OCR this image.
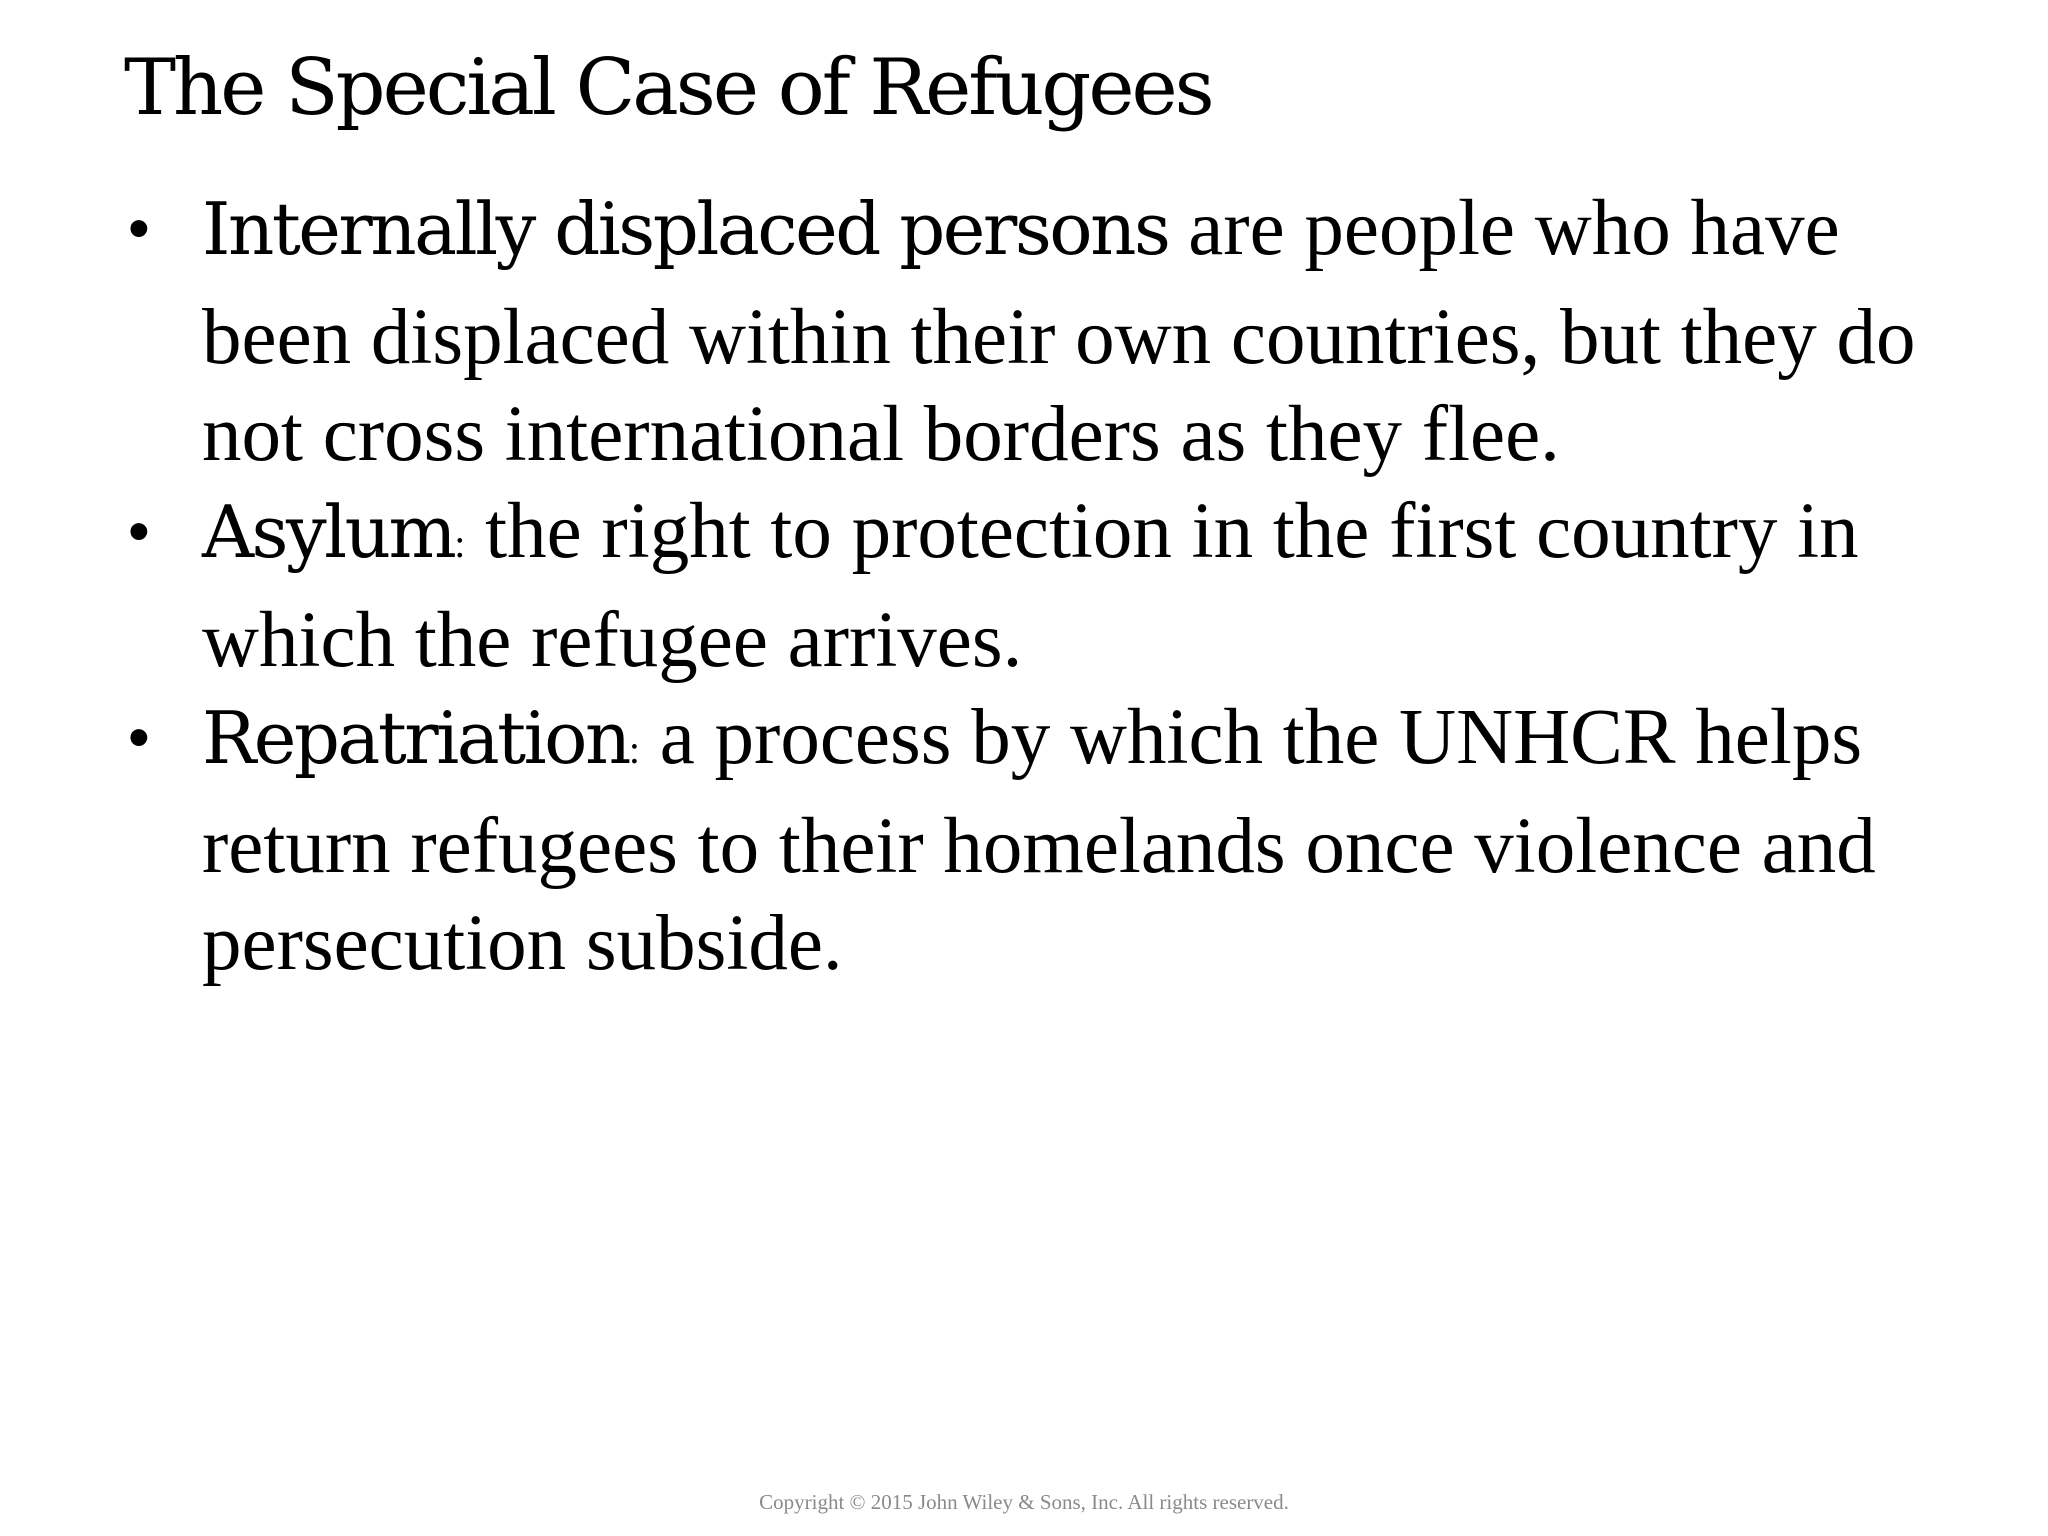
The Special Case of Refugees
• Internally displaced persons are people who have been displaced within their own countries, but they do not cross international borders as they flee.
• Asylum: the right to protection in the first country in which the refugee arrives.
• Repatriation: a process by which the UNHCR helps return refugees to their homelands once violence and persecution subside.
Copyright © 2015 John Wiley & Sons, Inc. All rights reserved.
